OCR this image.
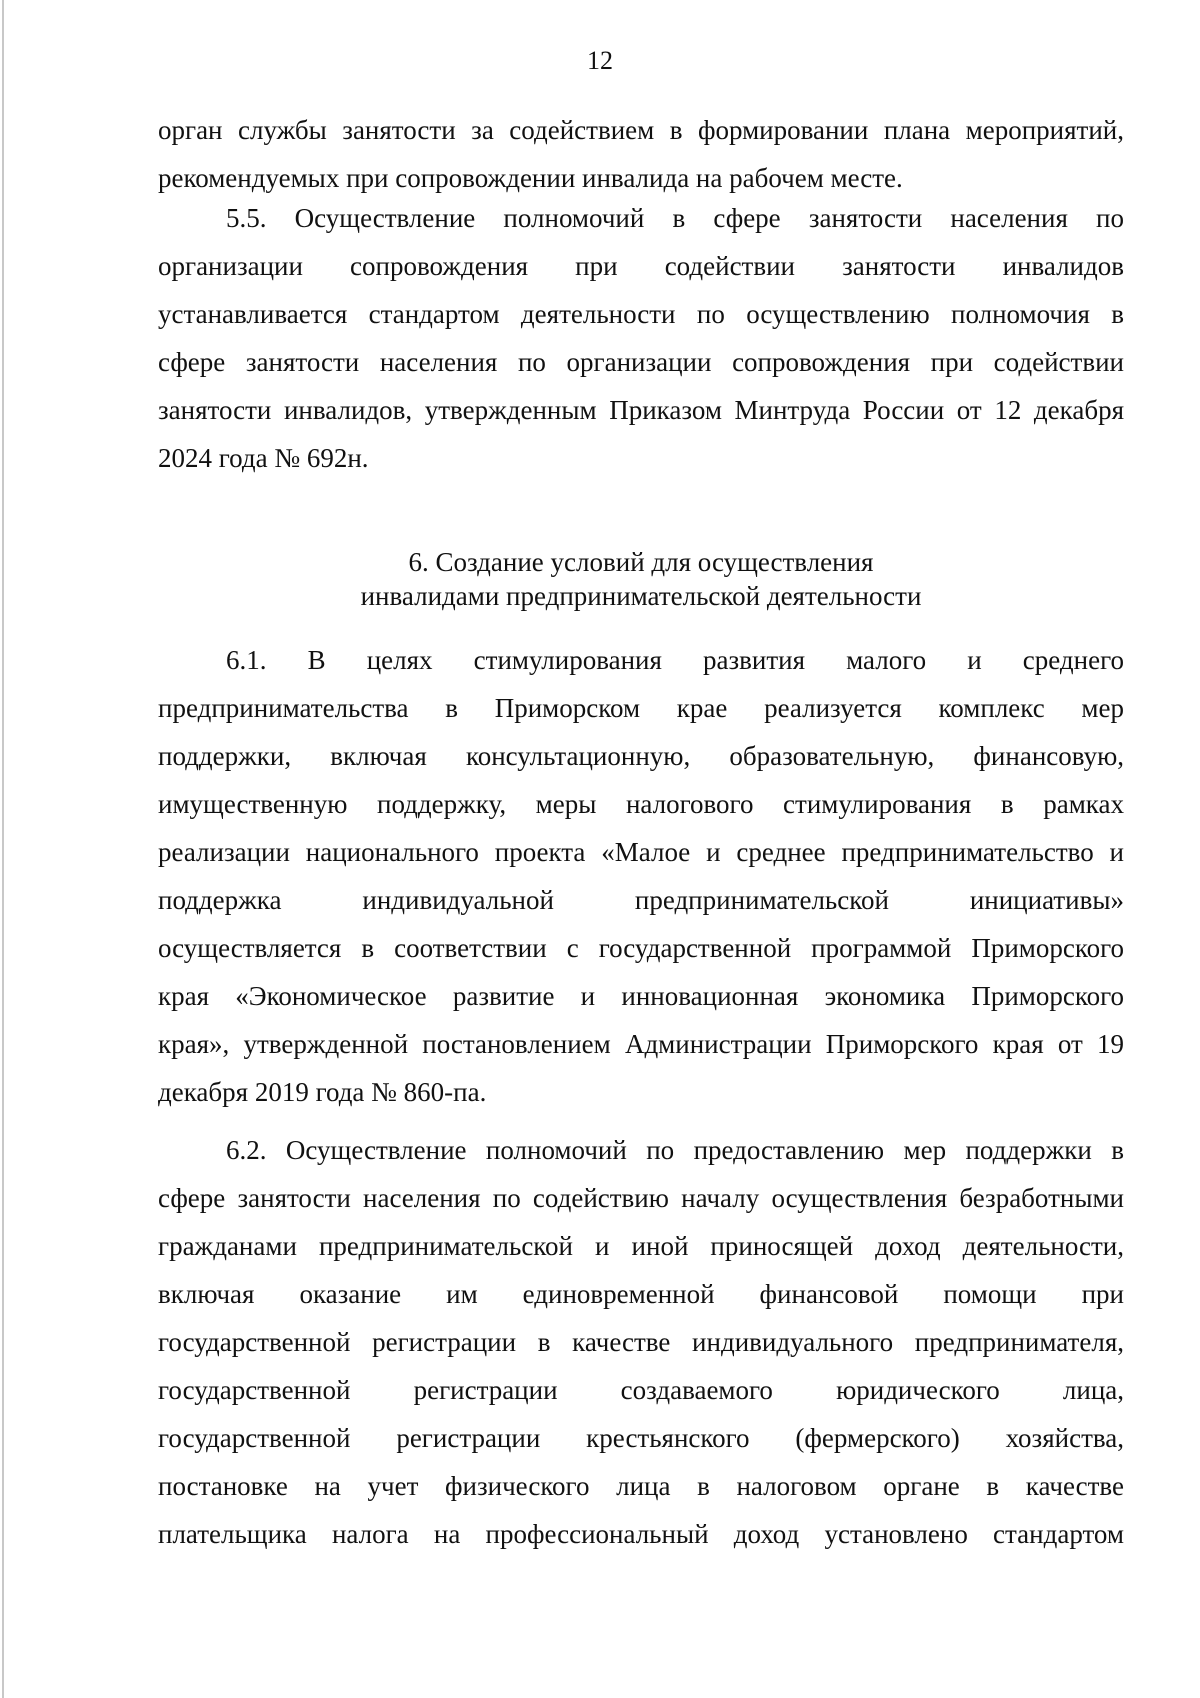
12
орган службы занятости за содействием в формировании плана мероприятий,
рекомендуемых при сопровождении инвалида на рабочем месте.
5.5. Осуществление полномочий в сфере занятости населения по
организации сопровождения при содействии занятости инвалидов
устанавливается стандартом деятельности по осуществлению полномочия в
сфере занятости населения по организации сопровождения при содействии
занятости инвалидов, утвержденным Приказом Минтруда России от 12 декабря
2024 года № 692н.
6. Создание условий для осуществления
инвалидами предпринимательской деятельности
6.1. В целях стимулирования развития малого и среднего
предпринимательства в Приморском крае реализуется комплекс мер
поддержки, включая консультационную, образовательную, финансовую,
имущественную поддержку, меры налогового стимулирования в рамках
реализации национального проекта «Малое и среднее предпринимательство и
поддержка индивидуальной предпринимательской инициативы»
осуществляется в соответствии с государственной программой Приморского
края «Экономическое развитие и инновационная экономика Приморского
края», утвержденной постановлением Администрации Приморского края от 19
декабря 2019 года № 860-па.
6.2. Осуществление полномочий по предоставлению мер поддержки в
сфере занятости населения по содействию началу осуществления безработными
гражданами предпринимательской и иной приносящей доход деятельности,
включая оказание им единовременной финансовой помощи при
государственной регистрации в качестве индивидуального предпринимателя,
государственной регистрации создаваемого юридического лица,
государственной регистрации крестьянского (фермерского) хозяйства,
постановке на учет физического лица в налоговом органе в качестве
плательщика налога на профессиональный доход установлено стандартом
